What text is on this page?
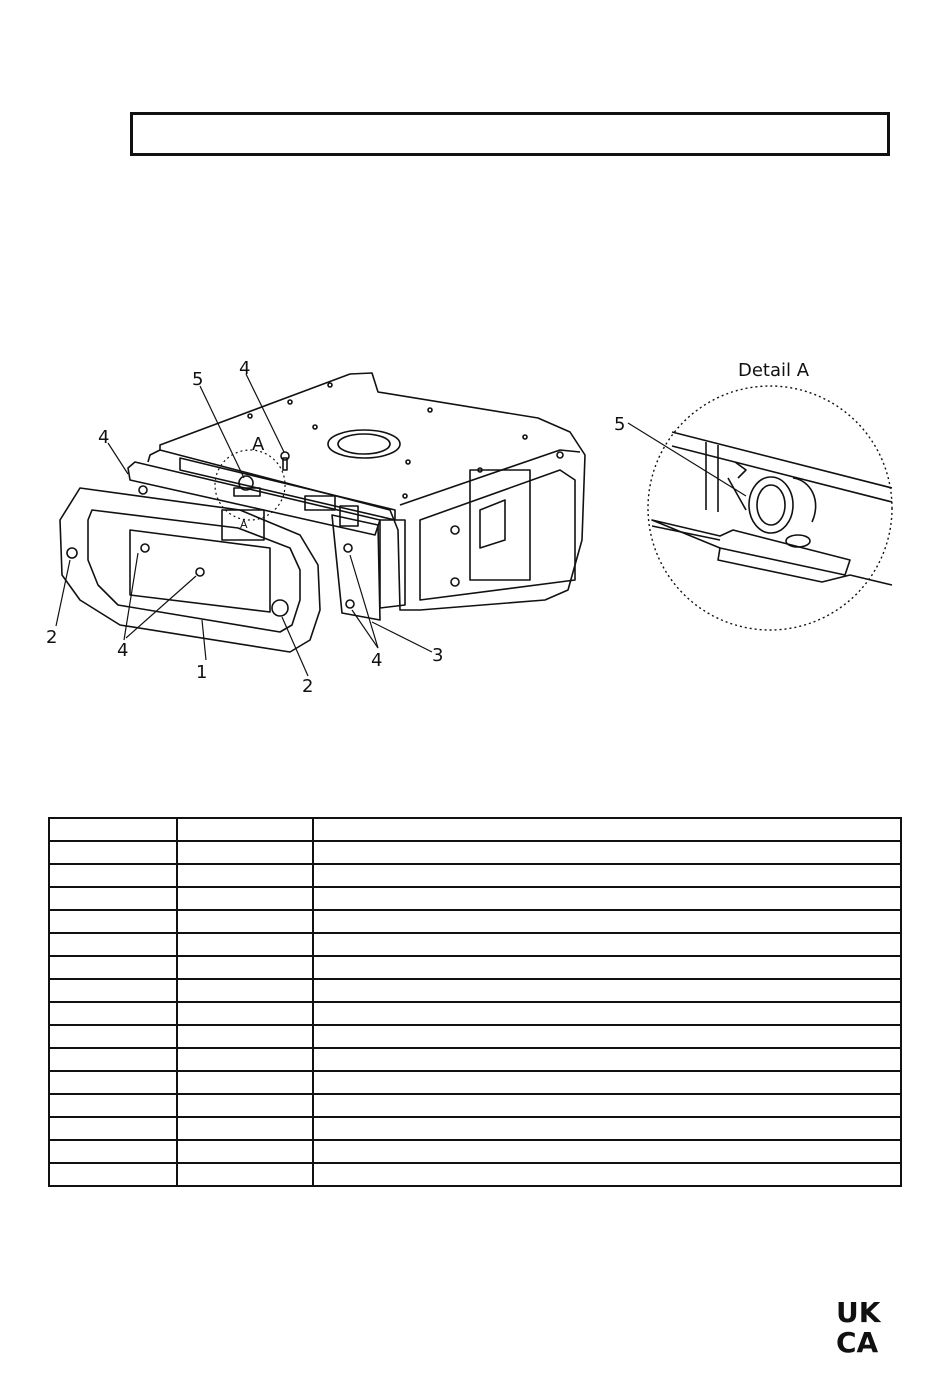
5
4
4	A
A
2
4
1
2
4	3
Detail A
5

UK
CA
